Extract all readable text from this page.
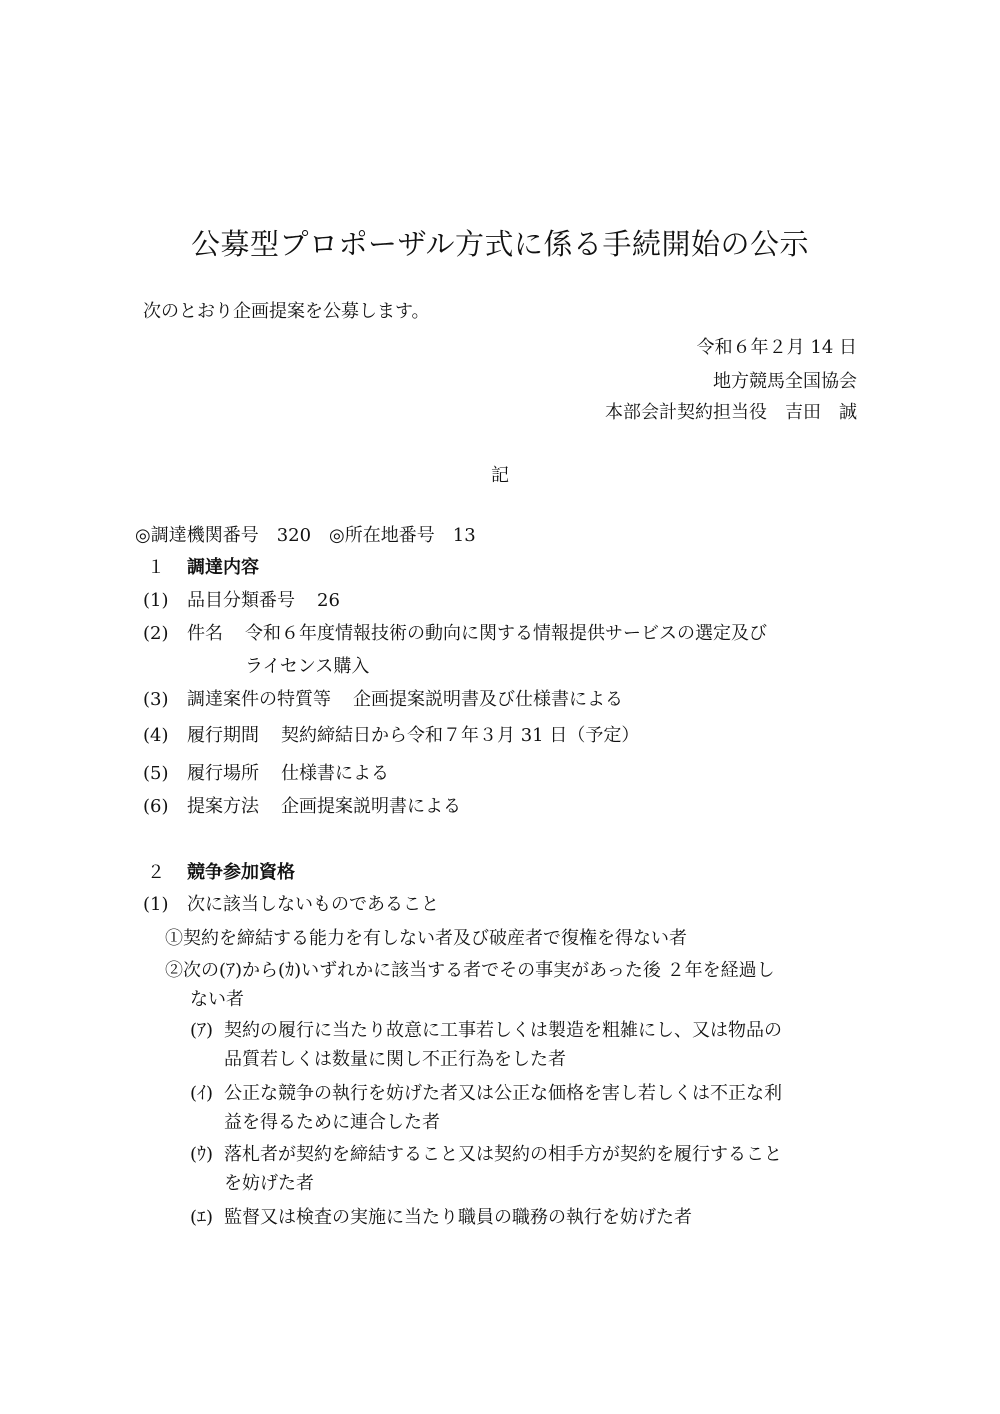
公募型プロポーザル方式に係る手続開始の公示
次のとおり企画提案を公募します。
令和６年２月 14 日
地方競馬全国協会
本部会計契約担当役　吉田　誠
記
◎調達機関番号　320　◎所在地番号　13
１ 調達内容
(1) 品目分類番号 26
(2) 件名 令和６年度情報技術の動向に関する情報提供サービスの選定及び
ライセンス購入
(3) 調達案件の特質等 企画提案説明書及び仕様書による
(4) 履行期間 契約締結日から令和７年３月 31 日（予定）
(5) 履行場所 仕様書による
(6) 提案方法 企画提案説明書による
２ 競争参加資格
(1) 次に該当しないものであること
①契約を締結する能力を有しない者及び破産者で復権を得ない者
②次の(ｱ)から(ｶ)いずれかに該当する者でその事実があった後 ２年を経過し
ない者
(ｱ) 契約の履行に当たり故意に工事若しくは製造を粗雑にし、又は物品の
品質若しくは数量に関し不正行為をした者
(ｲ) 公正な競争の執行を妨げた者又は公正な価格を害し若しくは不正な利
益を得るために連合した者
(ｳ) 落札者が契約を締結すること又は契約の相手方が契約を履行すること
を妨げた者
(ｴ) 監督又は検査の実施に当たり職員の職務の執行を妨げた者
